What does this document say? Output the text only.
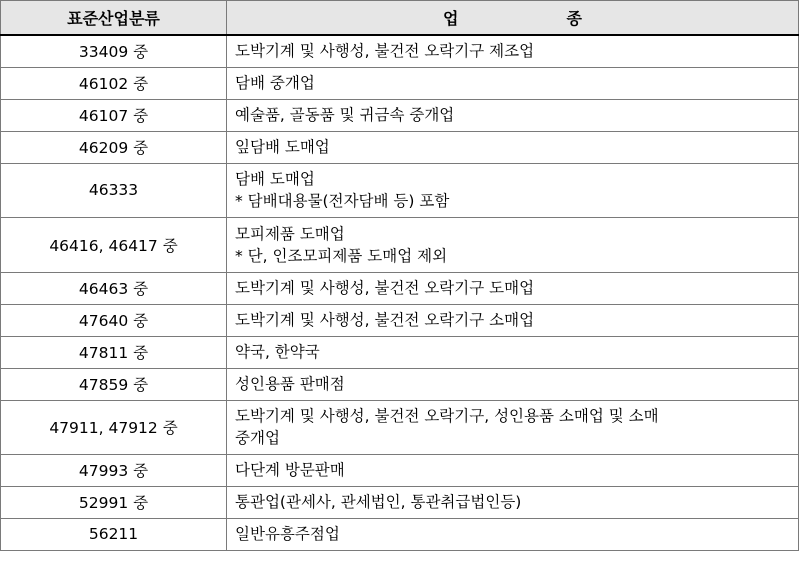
표준산업분류	업 종
33409 중	도박기계 및 사행성, 불건전 오락기구 제조업

46102 중	담배 중개업

46107 중	예술품, 골동품 및 귀금속 중개업

46209 중	잎담배 도매업

46333	담배 도매업
* 담배대용물(전자담배 등) 포함

46416, 46417 중	모피제품 도매업
* 단, 인조모피제품 도매업 제외

46463 중	도박기계 및 사행성, 불건전 오락기구 도매업

47640 중	도박기계 및 사행성, 불건전 오락기구 소매업

47811 중	약국, 한약국

47859 중	성인용품 판매점

47911, 47912 중	도박기계 및 사행성, 불건전 오락기구, 성인용품 소매업 및 소매
중개업

47993 중	다단계 방문판매

52991 중	통관업(관세사, 관세법인, 통관취급법인등)

56211	일반유흥주점업
